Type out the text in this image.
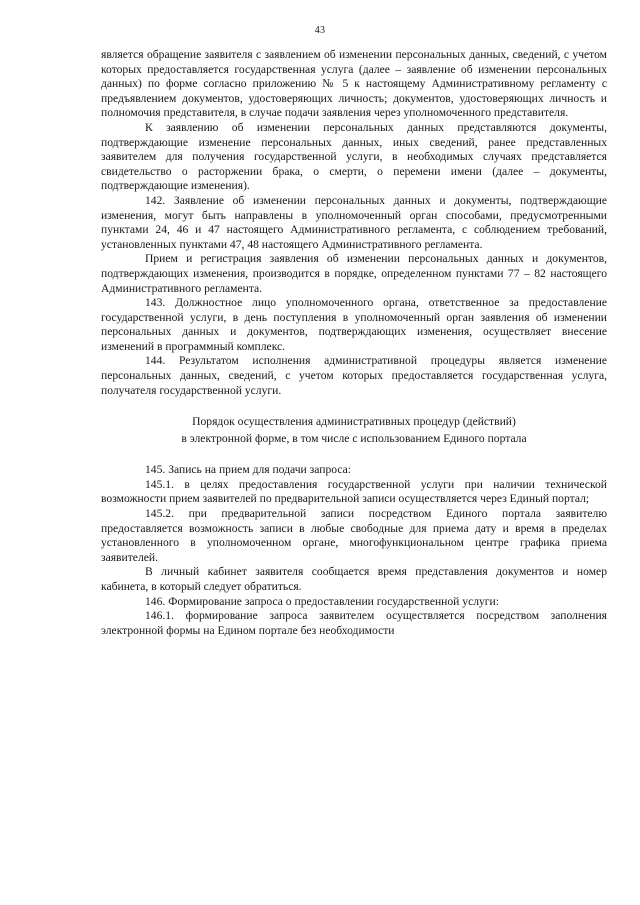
43

является обращение заявителя с заявлением об изменении персональных данных, сведений, с учетом которых предоставляется государственная услуга (далее – заявление об изменении персональных данных) по форме согласно приложению № 5 к настоящему Административному регламенту с предъявлением документов, удостоверяющих личность; документов, удостоверяющих личность и полномочия представителя, в случае подачи заявления через уполномоченного представителя.

К заявлению об изменении персональных данных представляются документы, подтверждающие изменение персональных данных, иных сведений, ранее представленных заявителем для получения государственной услуги, в необходимых случаях представляется свидетельство о расторжении брака, о смерти, о перемени имени (далее – документы, подтверждающие изменения).

142. Заявление об изменении персональных данных и документы, подтверждающие изменения, могут быть направлены в уполномоченный орган способами, предусмотренными пунктами 24, 46 и 47 настоящего Административного регламента, с соблюдением требований, установленных пунктами 47, 48 настоящего Административного регламента.

Прием и регистрация заявления об изменении персональных данных и документов, подтверждающих изменения, производится в порядке, определенном пунктами 77 – 82 настоящего Административного регламента.

143. Должностное лицо уполномоченного органа, ответственное за предоставление государственной услуги, в день поступления в уполномоченный орган заявления об изменении персональных данных и документов, подтверждающих изменения, осуществляет внесение изменений в программный комплекс.

144. Результатом исполнения административной процедуры является изменение персональных данных, сведений, с учетом которых предоставляется государственная услуга, получателя государственной услуги.

Порядок осуществления административных процедур (действий)
в электронной форме, в том числе с использованием Единого портала

145. Запись на прием для подачи запроса:

145.1. в целях предоставления государственной услуги при наличии технической возможности прием заявителей по предварительной записи осуществляется через Единый портал;

145.2. при предварительной записи посредством Единого портала заявителю предоставляется возможность записи в любые свободные для приема дату и время в пределах установленного в уполномоченном органе, многофункциональном центре графика приема заявителей.

В личный кабинет заявителя сообщается время представления документов и номер кабинета, в который следует обратиться.

146. Формирование запроса о предоставлении государственной услуги:

146.1. формирование запроса заявителем осуществляется посредством заполнения электронной формы на Едином портале без необходимости
